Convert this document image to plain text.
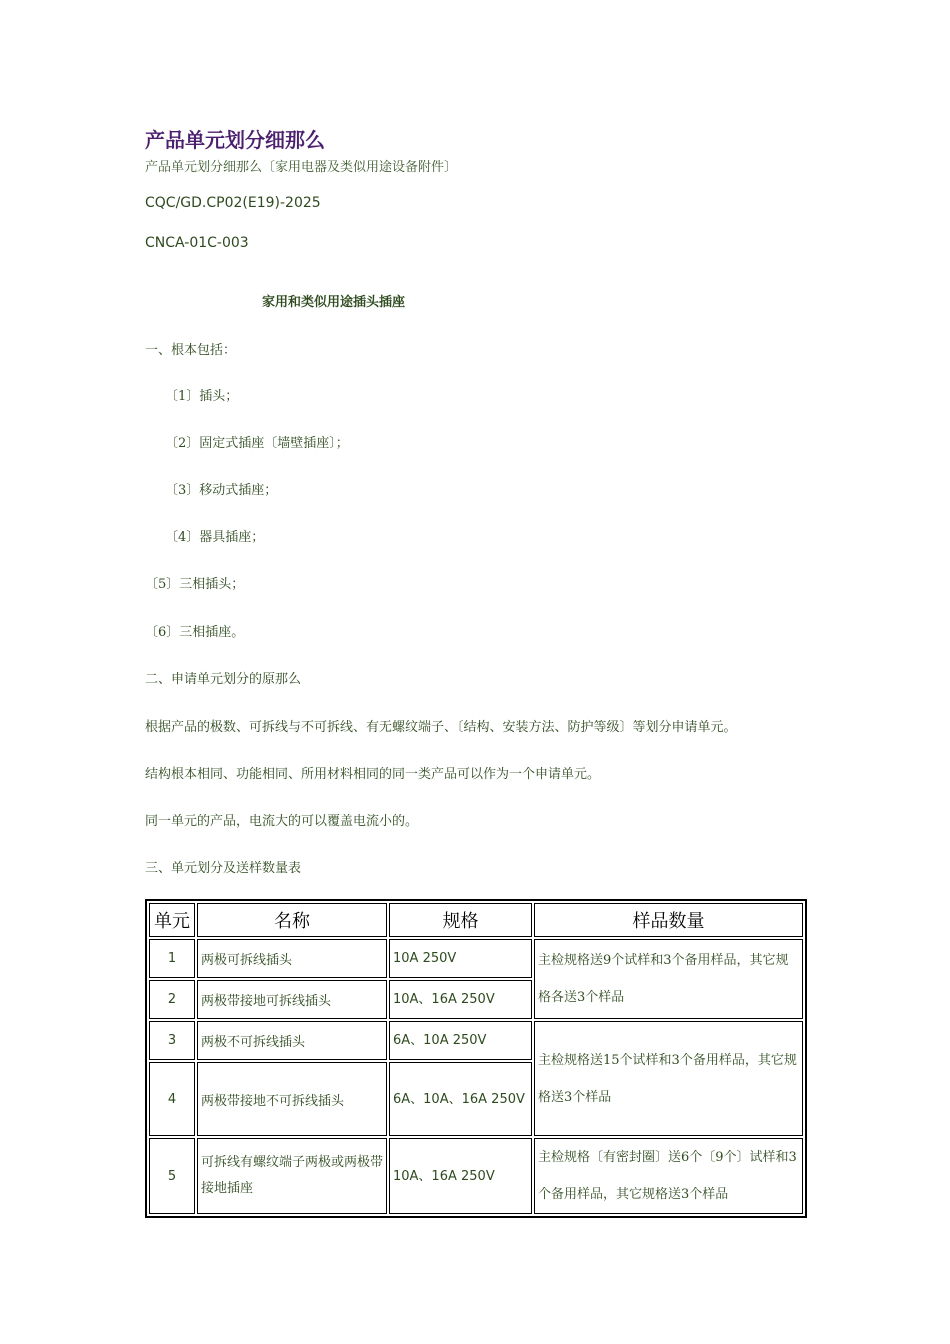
产品单元划分细那么
产品单元划分细那么〔家用电器及类似用途设备附件〕
CQC/GD.CP02(E19)-2025
CNCA-01C-003
家用和类似用途插头插座
一、根本包括：
〔1〕插头；
〔2〕固定式插座〔墙壁插座〕；
〔3〕移动式插座；
〔4〕器具插座；
〔5〕三相插头；
〔6〕三相插座。
二、申请单元划分的原那么
根据产品的极数、可拆线与不可拆线、有无螺纹端子、〔结构、安装方法、防护等级〕等划分申请单元。
结构根本相同、功能相同、所用材料相同的同一类产品可以作为一个申请单元。
同一单元的产品，电流大的可以覆盖电流小的。
三、单元划分及送样数量表
单元	名称	规格	样品数量
1	两极可拆线插头	10A 250V	主检规格送9个试样和3个备用样品，其它规格各送3个样品
2	两极带接地可拆线插头	10A、16A 250V	
3	两极不可拆线插头	6A、10A 250V	主检规格送15个试样和3个备用样品，其它规格送3个样品
4	两极带接地不可拆线插头	6A、10A、16A 250V	
5	可拆线有螺纹端子两极或两极带接地插座	10A、16A 250V	主检规格〔有密封圈〕送6个〔9个〕试样和3个备用样品，其它规格送3个样品
